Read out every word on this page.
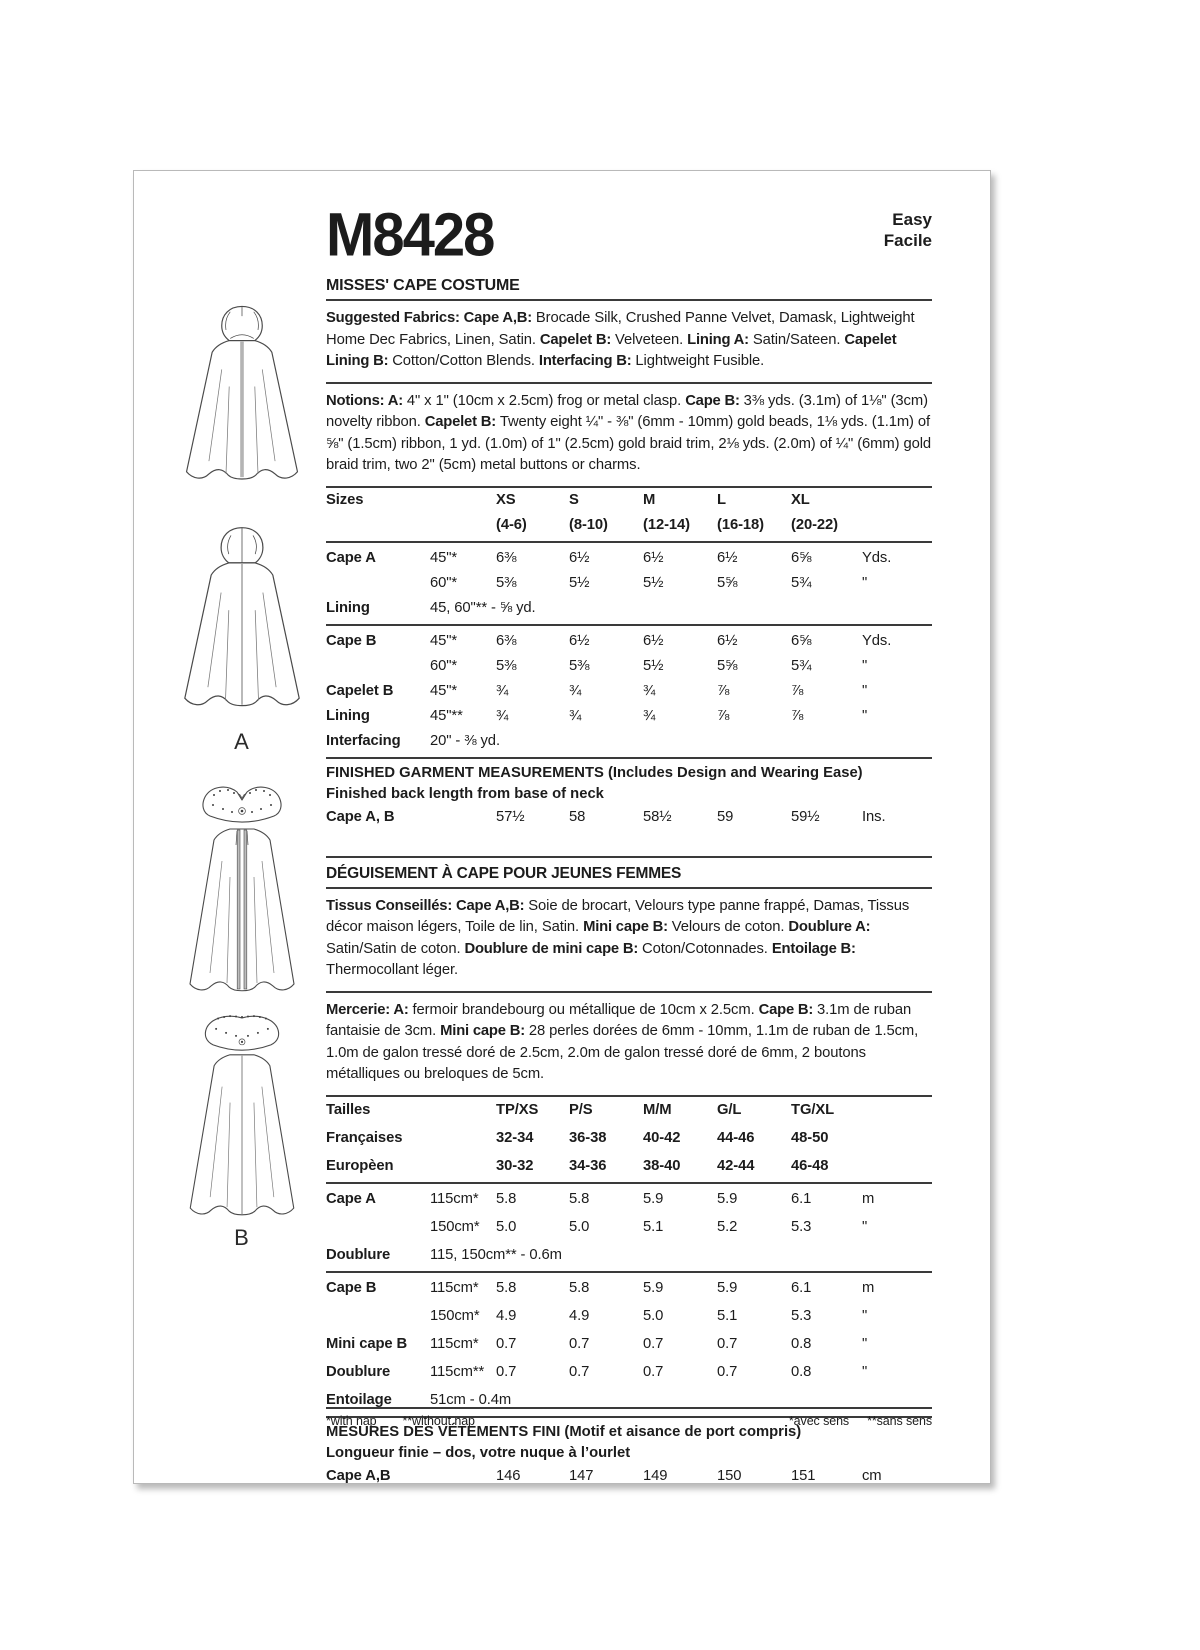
A
B
M8428	Easy
Facile
MISSES' CAPE COSTUME

Suggested Fabrics: Cape A,B: Brocade Silk, Crushed Panne Velvet, Damask, Lightweight Home Dec Fabrics, Linen, Satin. Capelet B: Velveteen. Lining A: Satin/Sateen. Capelet Lining B: Cotton/Cotton Blends. Interfacing B: Lightweight Fusible.

Notions: A: 4" x 1" (10cm x 2.5cm) frog or metal clasp. Cape B: 3⅜ yds. (3.1m) of 1⅛" (3cm) novelty ribbon. Capelet B: Twenty eight ¼" - ⅜" (6mm - 10mm) gold beads, 1⅛ yds. (1.1m) of ⅝" (1.5cm) ribbon, 1 yd. (1.0m) of 1" (2.5cm) gold braid trim, 2⅛ yds. (2.0m) of ¼" (6mm) gold braid trim, two 2" (5cm) metal buttons or charms.

Sizes		XS	S	M	L	XL	
		(4-6)	(8-10)	(12-14)	(16-18)	(20-22)	
Cape A	45"*	6⅜	6½	6½	6½	6⅝	Yds.
	60"*	5⅜	5½	5½	5⅝	5¾	"
Lining	45, 60"** - ⅝ yd.						
Cape B	45"*	6⅜	6½	6½	6½	6⅝	Yds.
	60"*	5⅜	5⅜	5½	5⅝	5¾	"
Capelet B	45"*	¾	¾	¾	⅞	⅞	"
Lining	45"**	¾	¾	¾	⅞	⅞	"
Interfacing	20" - ⅜ yd.						
FINISHED GARMENT MEASUREMENTS (Includes Design and Wearing Ease)
Finished back length from base of neck
Cape A, B		57½	58	58½	59	59½	Ins.
DÉGUISEMENT À CAPE POUR JEUNES FEMMES

Tissus Conseillés: Cape A,B: Soie de brocart, Velours type panne frappé, Damas, Tissus décor maison légers, Toile de lin, Satin. Mini cape B: Velours de coton. Doublure A: Satin/Satin de coton. Doublure de mini cape B: Coton/Cotonnades. Entoilage B: Thermocollant léger.

Mercerie: A: fermoir brandebourg ou métallique de 10cm x 2.5cm. Cape B: 3.1m de ruban fantaisie de 3cm. Mini cape B: 28 perles dorées de 6mm - 10mm, 1.1m de ruban de 1.5cm, 1.0m de galon tressé doré de 2.5cm, 2.0m de galon tressé doré de 6mm, 2 boutons métalliques ou breloques de 5cm.

Tailles		TP/XS	P/S	M/M	G/L	TG/XL	
Françaises		32-34	36-38	40-42	44-46	48-50	
Europèen		30-32	34-36	38-40	42-44	46-48	
Cape A	115cm*	5.8	5.8	5.9	5.9	6.1	m
	150cm*	5.0	5.0	5.1	5.2	5.3	"
Doublure	115, 150cm** - 0.6m						
Cape B	115cm*	5.8	5.8	5.9	5.9	6.1	m
	150cm*	4.9	4.9	5.0	5.1	5.3	"
Mini cape B	115cm*	0.7	0.7	0.7	0.7	0.8	"
Doublure	115cm**	0.7	0.7	0.7	0.7	0.8	"
Entoilage	51cm - 0.4m						
MESURES DES VÉTEMENTS FINI (Motif et aisance de port compris)
Longueur finie – dos, votre nuque à l’ourlet
Cape A,B		146	147	149	150	151	cm
*with nap **without nap	*avec sens **sans sens
